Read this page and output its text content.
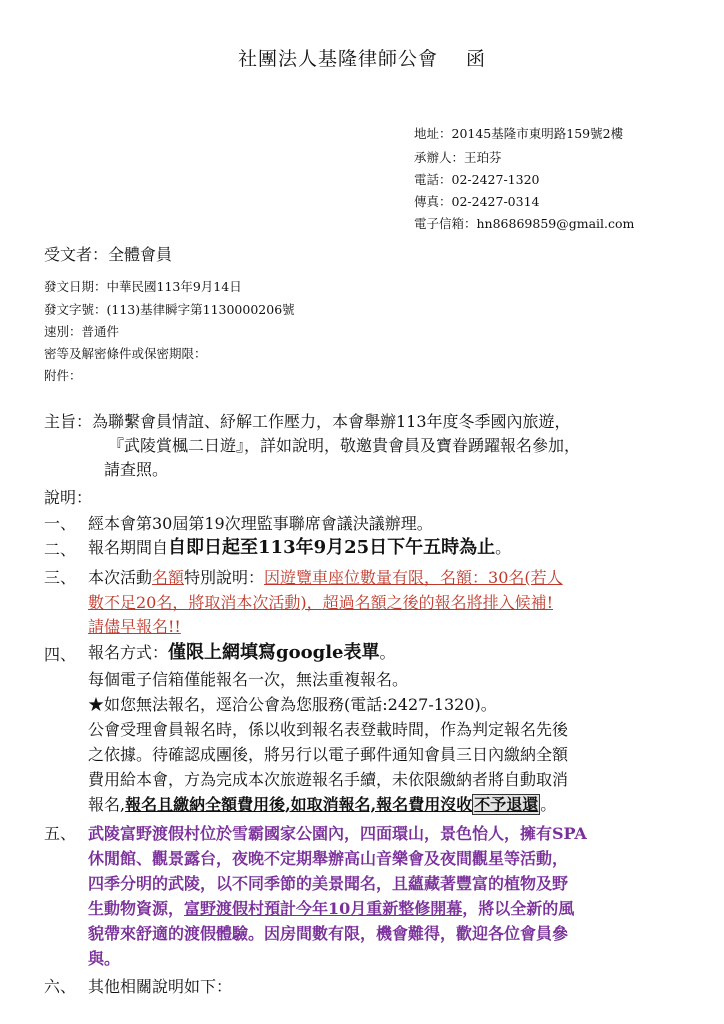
社團法人基隆律師公會 函
地址：20145基隆市東明路159號2樓
承辦人：王珀芬
電話：02-2427-1320
傳真：02-2427-0314
電子信箱：hn86869859@gmail.com
受文者：全體會員
發文日期：中華民國113年9月14日
發文字號：(113)基律瞬字第1130000206號
速別：普通件
密等及解密條件或保密期限：
附件：
主旨：為聯繫會員情誼、紓解工作壓力，本會舉辦113年度冬季國內旅遊，
『武陵賞楓二日遊』，詳如說明，敬邀貴會員及寶眷踴躍報名參加，
請查照。
說明：
一、 經本會第30屆第19次理監事聯席會議決議辦理。
二、 報名期間自自即日起至113年9月25日下午五時為止。
三、 本次活動名額特別說明：因遊覽車座位數量有限，名額：30名(若人
數不足20名，將取消本次活動)，超過名額之後的報名將排入候補!
請儘早報名!!
四、 報名方式：僅限上網填寫google表單。
每個電子信箱僅能報名一次，無法重複報名。
★如您無法報名，逕洽公會為您服務(電話:2427-1320)。
公會受理會員報名時，係以收到報名表登載時間，作為判定報名先後
之依據。待確認成團後，將另行以電子郵件通知會員三日內繳納全額
費用給本會，方為完成本次旅遊報名手續，未依限繳納者將自動取消
報名,報名且繳納全額費用後,如取消報名,報名費用沒收 不予退還 。
五、 武陵富野渡假村位於雪霸國家公園內，四面環山，景色怡人，擁有SPA
休閒館、觀景露台，夜晚不定期舉辦高山音樂會及夜間觀星等活動，
四季分明的武陵，以不同季節的美景聞名，且蘊藏著豐富的植物及野
生動物資源，富野渡假村預計今年10月重新整修開幕，將以全新的風
貌帶來舒適的渡假體驗。因房間數有限，機會難得，歡迎各位會員參
與。
六、 其他相關說明如下：
